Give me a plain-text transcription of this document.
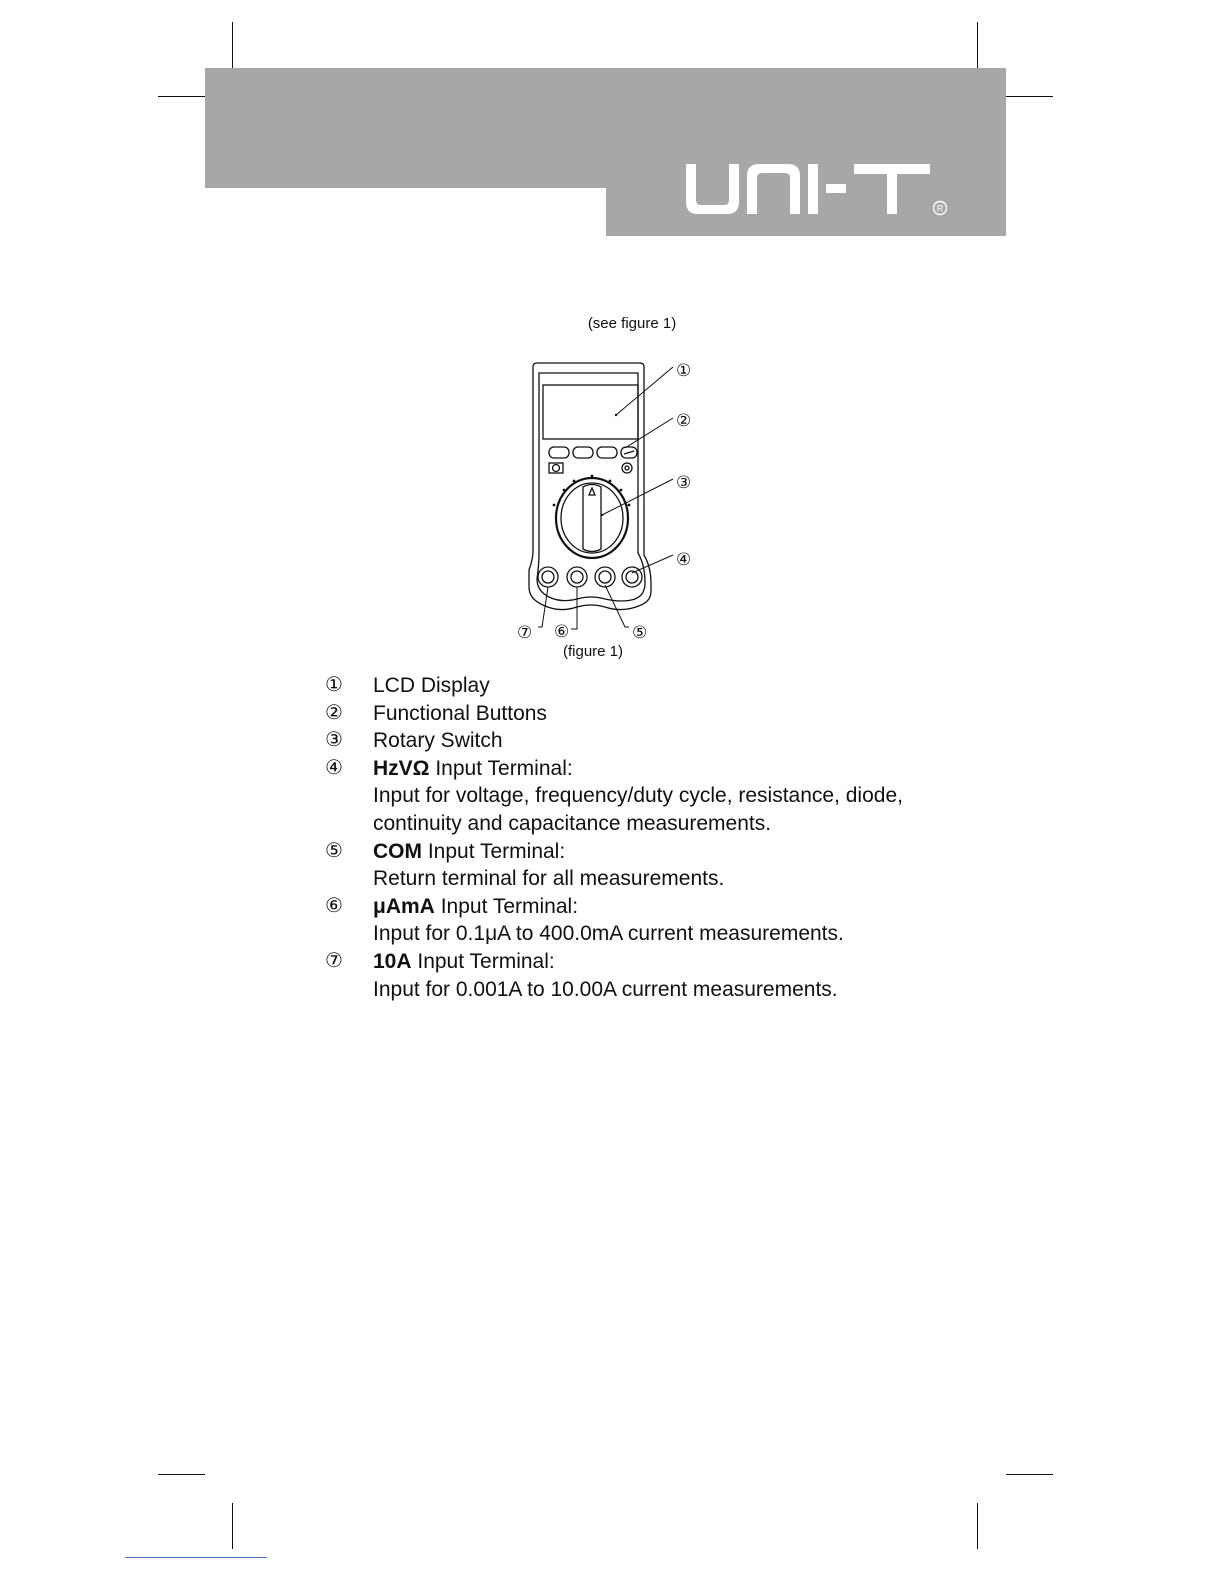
R
(see figure 1)
①
②
③
④
⑤
⑥
⑦
(figure 1)
①	LCD Display
②	Functional Buttons
③	Rotary Switch
④	HzVΩ Input Terminal:
Input for voltage, frequency/duty cycle, resistance, diode, continuity and capacitance measurements.
⑤	COM Input Terminal:
Return terminal for all measurements.
⑥	μAmA Input Terminal:
Input for 0.1μA to 400.0mA current measurements.
⑦	10A Input Terminal:
Input for 0.001A to 10.00A current measurements.
